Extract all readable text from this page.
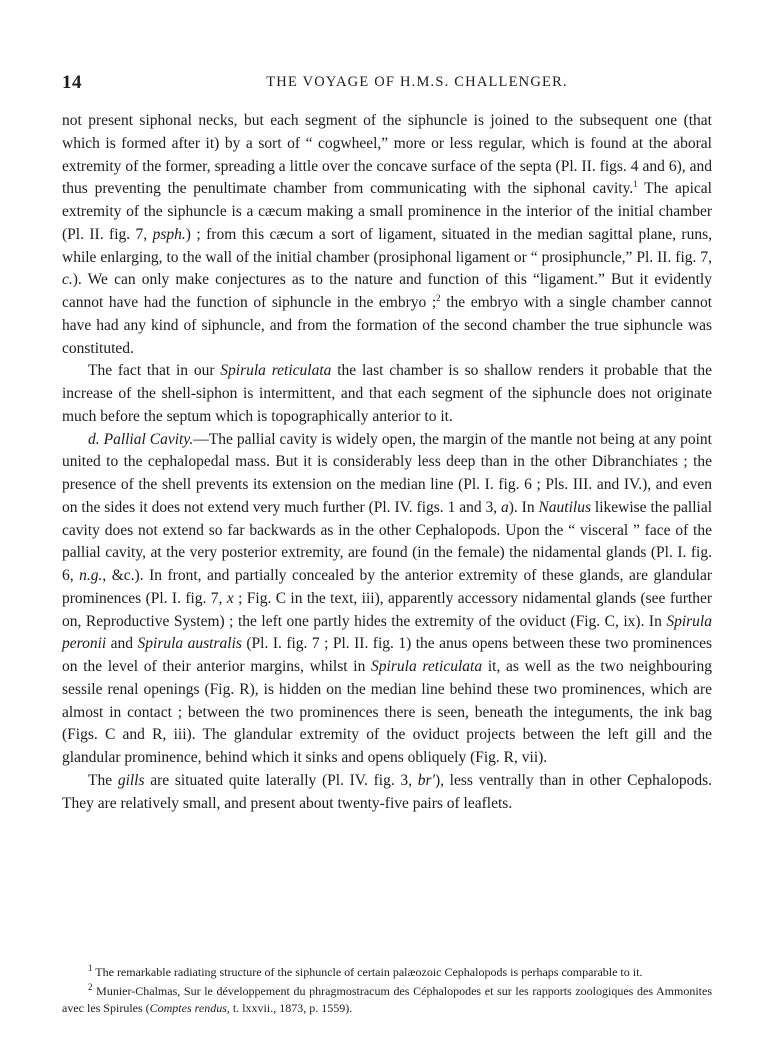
14	THE VOYAGE OF H.M.S. CHALLENGER.

not present siphonal necks, but each segment of the siphuncle is joined to the subsequent one (that which is formed after it) by a sort of “ cogwheel,” more or less regular, which is found at the aboral extremity of the former, spreading a little over the concave surface of the septa (Pl. II. figs. 4 and 6), and thus preventing the penultimate chamber from communicating with the siphonal cavity.$^1$ The apical extremity of the siphuncle is a cæcum making a small prominence in the interior of the initial chamber (Pl. II. fig. 7, psph.) ; from this cæcum a sort of ligament, situated in the median sagittal plane, runs, while enlarging, to the wall of the initial chamber (prosiphonal ligament or “ prosiphuncle,” Pl. II. fig. 7, c.). We can only make conjectures as to the nature and function of this “ligament.” But it evidently cannot have had the function of siphuncle in the embryo ;$^2$ the embryo with a single chamber cannot have had any kind of siphuncle, and from the formation of the second chamber the true siphuncle was constituted.

The fact that in our Spirula reticulata the last chamber is so shallow renders it probable that the increase of the shell-siphon is intermittent, and that each segment of the siphuncle does not originate much before the septum which is topographically anterior to it.

d. Pallial Cavity.—The pallial cavity is widely open, the margin of the mantle not being at any point united to the cephalopedal mass. But it is considerably less deep than in the other Dibranchiates ; the presence of the shell prevents its extension on the median line (Pl. I. fig. 6 ; Pls. III. and IV.), and even on the sides it does not extend very much further (Pl. IV. figs. 1 and 3, a). In Nautilus likewise the pallial cavity does not extend so far backwards as in the other Cephalopods. Upon the “ visceral ” face of the pallial cavity, at the very posterior extremity, are found (in the female) the nidamental glands (Pl. I. fig. 6, n.g., &c.). In front, and partially concealed by the anterior extremity of these glands, are glandular prominences (Pl. I. fig. 7, x ; Fig. C in the text, iii), apparently accessory nidamental glands (see further on, Reproductive System) ; the left one partly hides the extremity of the oviduct (Fig. C, ix). In Spirula peronii and Spirula australis (Pl. I. fig. 7 ; Pl. II. fig. 1) the anus opens between these two prominences on the level of their anterior margins, whilst in Spirula reticulata it, as well as the two neighbouring sessile renal openings (Fig. R), is hidden on the median line behind these two prominences, which are almost in contact ; between the two prominences there is seen, beneath the integuments, the ink bag (Figs. C and R, iii). The glandular extremity of the oviduct projects between the left gill and the glandular prominence, behind which it sinks and opens obliquely (Fig. R, vii).

The gills are situated quite laterally (Pl. IV. fig. 3, br′), less ventrally than in other Cephalopods. They are relatively small, and present about twenty-five pairs of leaflets.

$^1$ The remarkable radiating structure of the siphuncle of certain palæozoic Cephalopods is perhaps comparable to it.

$^2$ Munier-Chalmas, Sur le développement du phragmostracum des Céphalopodes et sur les rapports zoologiques des Ammonites avec les Spirules (Comptes rendus, t. lxxvii., 1873, p. 1559).
